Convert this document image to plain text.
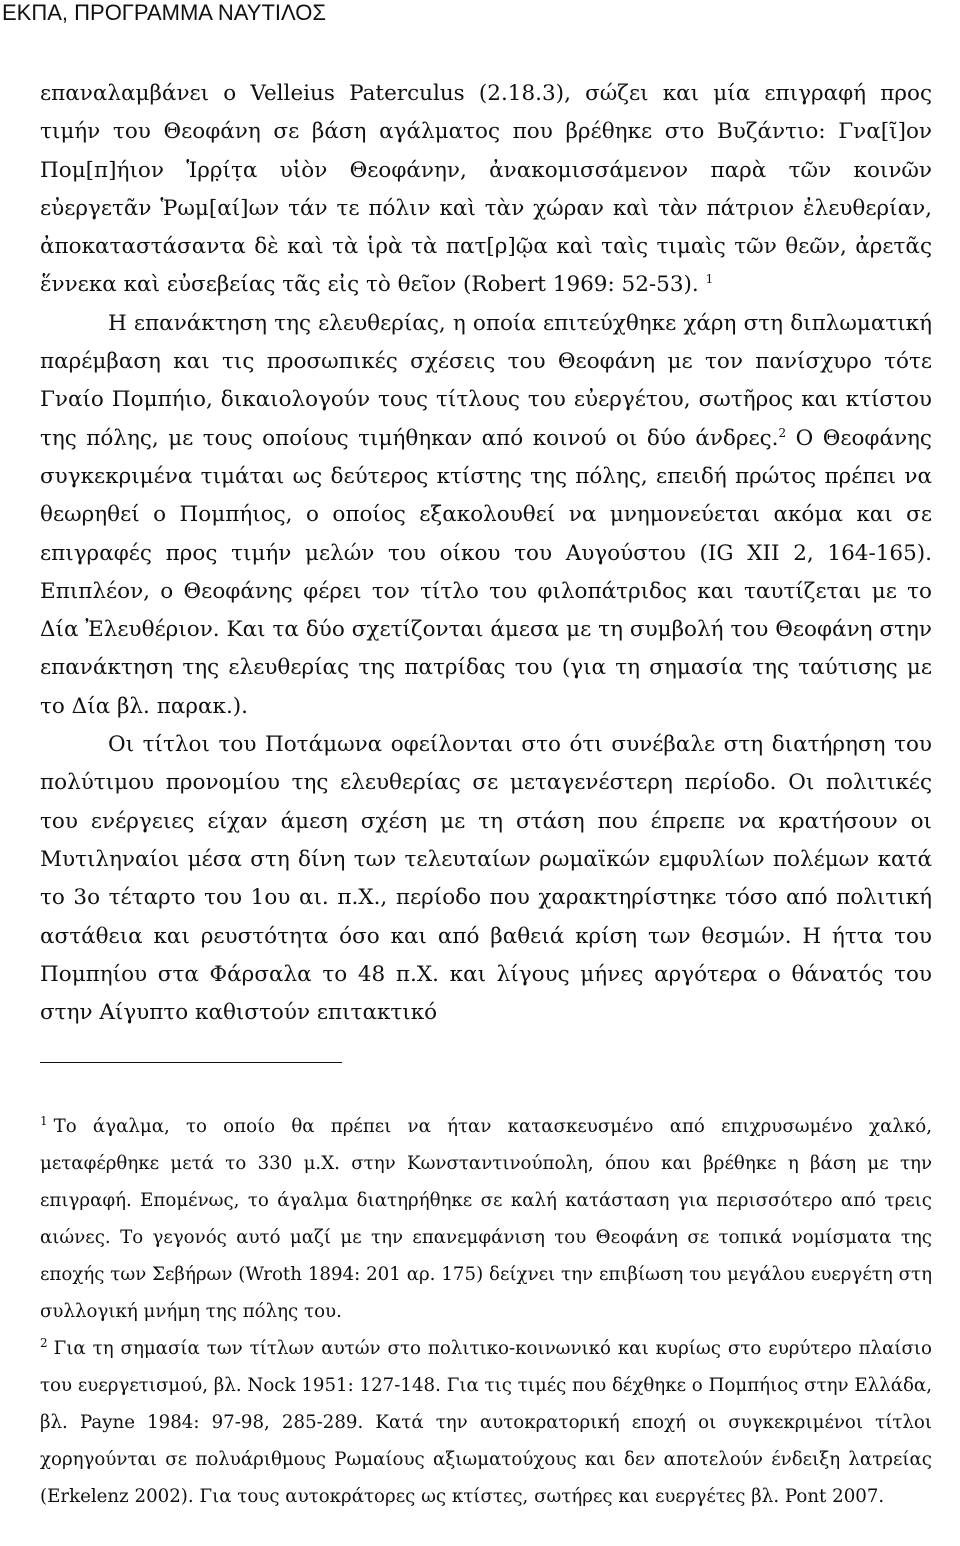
ΕΚΠΑ, ΠΡΟΓΡΑΜΜΑ ΝΑΥΤΙΛΟΣ

επαναλαμβάνει ο Velleius Paterculus (2.18.3), σώζει και μία επιγραφή προς τιμήν του Θεοφάνη σε βάση αγάλματος που βρέθηκε στο Βυζάντιο: Γνα[ῖ]ον Πομ[π]ήιον Ἱρρ̣ίτ̣α υἱὸν Θεοφάνην, ἀνακομισσάμενον παρὰ τῶν κοινῶν εὐεργετᾶν Ῥωμ[αί]ων τάν τε πόλιν καὶ τὰν χώραν καὶ τὰν πάτριον ἐλευθερίαν, ἀποκαταστάσαντα δὲ καὶ τὰ ἱρὰ τὰ πατ[ρ]ῷα καὶ ταὶς τιμαὶς τῶν θεῶν, ἀρετᾶς ἕννεκα καὶ εὐσεβείας τᾶς εἰς τὸ θεῖον (Robert 1969: 52-53). $^1$

Η επανάκτηση της ελευθερίας, η οποία επιτεύχθηκε χάρη στη διπλωματική παρέμβαση και τις προσωπικές σχέσεις του Θεοφάνη με τον πανίσχυρο τότε Γναίο Πομπήιο, δικαιολογούν τους τίτλους του εὐεργέτου, σωτῆρος και κτίστου της πόλης, με τους οποίους τιμήθηκαν από κοινού οι δύο άνδρες.$^2$ Ο Θεοφάνης συγκεκριμένα τιμάται ως δεύτερος κτίστης της πόλης, επειδή πρώτος πρέπει να θεωρηθεί ο Πομπήιος, ο οποίος εξακολουθεί να μνημονεύεται ακόμα και σε επιγραφές προς τιμήν μελών του οίκου του Αυγούστου (IG XII 2, 164-165). Επιπλέον, ο Θεοφάνης φέρει τον τίτλο του φιλοπάτριδος και ταυτίζεται με το Δία Ἐλευθέριον. Και τα δύο σχετίζονται άμεσα με τη συμβολή του Θεοφάνη στην επανάκτηση της ελευθερίας της πατρίδας του (για τη σημασία της ταύτισης με το Δία βλ. παρακ.).

Οι τίτλοι του Ποτάμωνα οφείλονται στο ότι συνέβαλε στη διατήρηση του πολύτιμου προνομίου της ελευθερίας σε μεταγενέστερη περίοδο. Οι πολιτικές του ενέργειες είχαν άμεση σχέση με τη στάση που έπρεπε να κρατήσουν οι Μυτιληναίοι μέσα στη δίνη των τελευταίων ρωμαϊκών εμφυλίων πολέμων κατά το 3ο τέταρτο του 1ου αι. π.Χ., περίοδο που χαρακτηρίστηκε τόσο από πολιτική αστάθεια και ρευστότητα όσο και από βαθειά κρίση των θεσμών. Η ήττα του Πομπηίου στα Φάρσαλα το 48 π.Χ. και λίγους μήνες αργότερα ο θάνατός του στην Αίγυπτο καθιστούν επιτακτικό

$^1$ Το άγαλμα, το οποίο θα πρέπει να ήταν κατασκευσμένο από επιχρυσωμένο χαλκό, μεταφέρθηκε μετά το 330 μ.Χ. στην Κωνσταντινούπολη, όπου και βρέθηκε η βάση με την επιγραφή. Επομένως, το άγαλμα διατηρήθηκε σε καλή κατάσταση για περισσότερο από τρεις αιώνες. Το γεγονός αυτό μαζί με την επανεμφάνιση του Θεοφάνη σε τοπικά νομίσματα της εποχής των Σεβήρων (Wroth 1894: 201 αρ. 175) δείχνει την επιβίωση του μεγάλου ευεργέτη στη συλλογική μνήμη της πόλης του.

$^2$ Για τη σημασία των τίτλων αυτών στο πολιτικο-κοινωνικό και κυρίως στο ευρύτερο πλαίσιο του ευεργετισμού, βλ. Nock 1951: 127-148. Για τις τιμές που δέχθηκε ο Πομπήιος στην Ελλάδα, βλ. Payne 1984: 97-98, 285-289. Κατά την αυτοκρατορική εποχή οι συγκεκριμένοι τίτλοι χορηγούνται σε πολυάριθμους Ρωμαίους αξιωματούχους και δεν αποτελούν ένδειξη λατρείας (Erkelenz 2002). Για τους αυτοκράτορες ως κτίστες, σωτήρες και ευεργέτες βλ. Pont 2007.
